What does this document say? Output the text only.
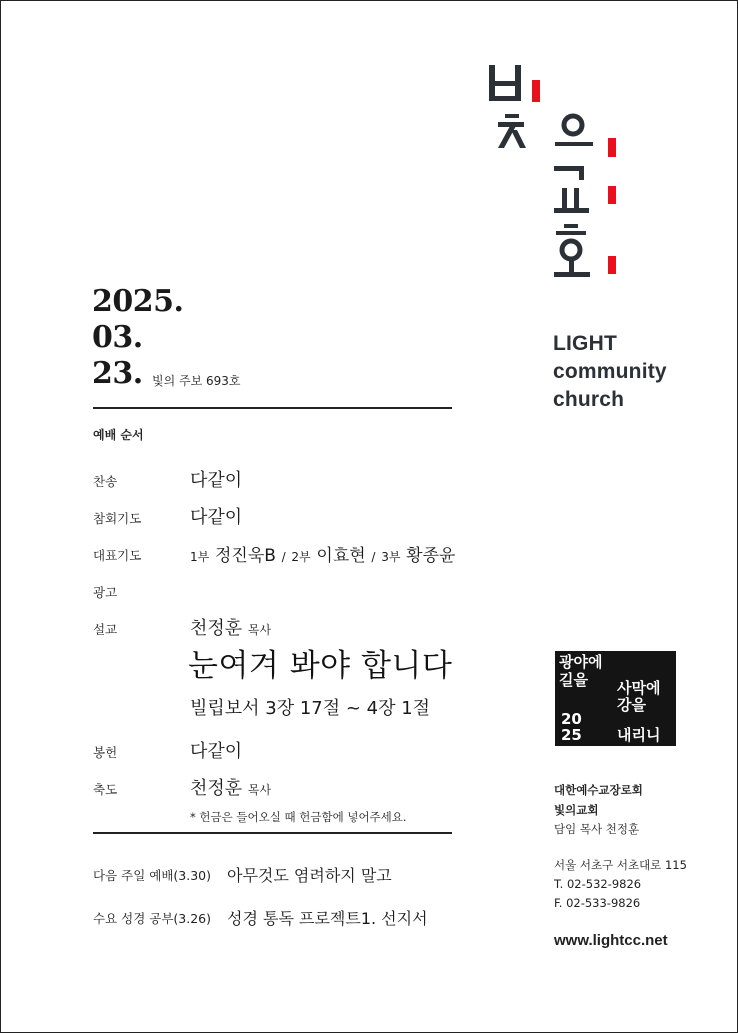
LIGHT
community
church
2025.
03.
23. 빛의 주보 693호
예배 순서
찬송	다같이
참회기도	다같이
대표기도	1부 정진욱B / 2부 이효현 / 3부 황종윤
광고
설교	천정훈 목사
눈여겨 봐야 합니다
빌립보서 3장 17절 ~ 4장 1절
봉헌	다같이
축도	천정훈 목사
* 헌금은 들어오실 때 헌금함에 넣어주세요.
다음 주일 예배(3.30) 아무것도 염려하지 말고
수요 성경 공부(3.26) 성경 통독 프로젝트1. 선지서
광야에
길을 사막에
강을
20
25 내리니
대한예수교장로회
빛의교회
담임 목사 천정훈
서울 서초구 서초대로 115
T. 02-532-9826
F. 02-533-9826
www.lightcc.net
